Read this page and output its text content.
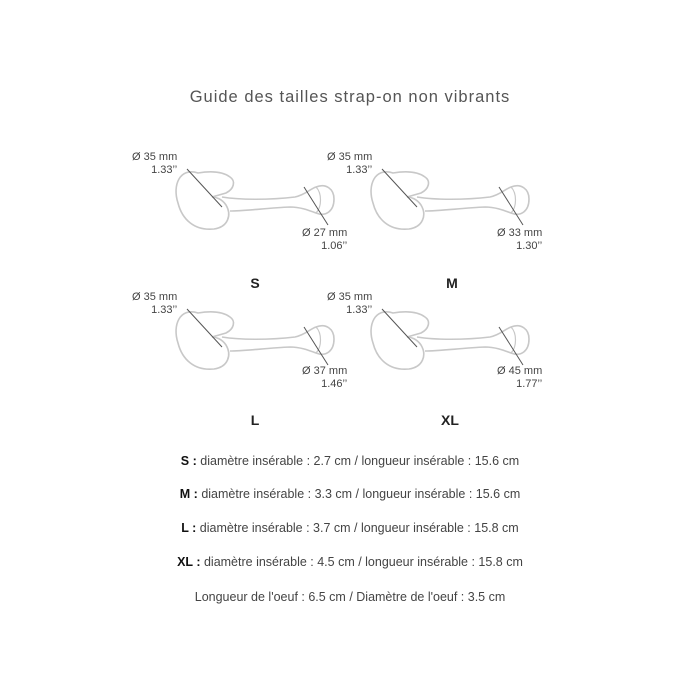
Guide des tailles strap-on non vibrants
Ø 35 mm
1.33’’
Ø 27 mm
1.06’’
S
Ø 35 mm
1.33’’
Ø 33 mm
1.30’’
M
Ø 35 mm
1.33’’
Ø 37 mm
1.46’’
L
Ø 35 mm
1.33’’
Ø 45 mm
1.77’’
XL
S : diamètre insérable : 2.7 cm / longueur insérable : 15.6 cm
M : diamètre insérable : 3.3 cm / longueur insérable : 15.6 cm
L : diamètre insérable : 3.7 cm / longueur insérable : 15.8 cm
XL : diamètre insérable : 4.5 cm / longueur insérable : 15.8 cm
Longueur de l'oeuf : 6.5 cm / Diamètre de l'oeuf : 3.5 cm
